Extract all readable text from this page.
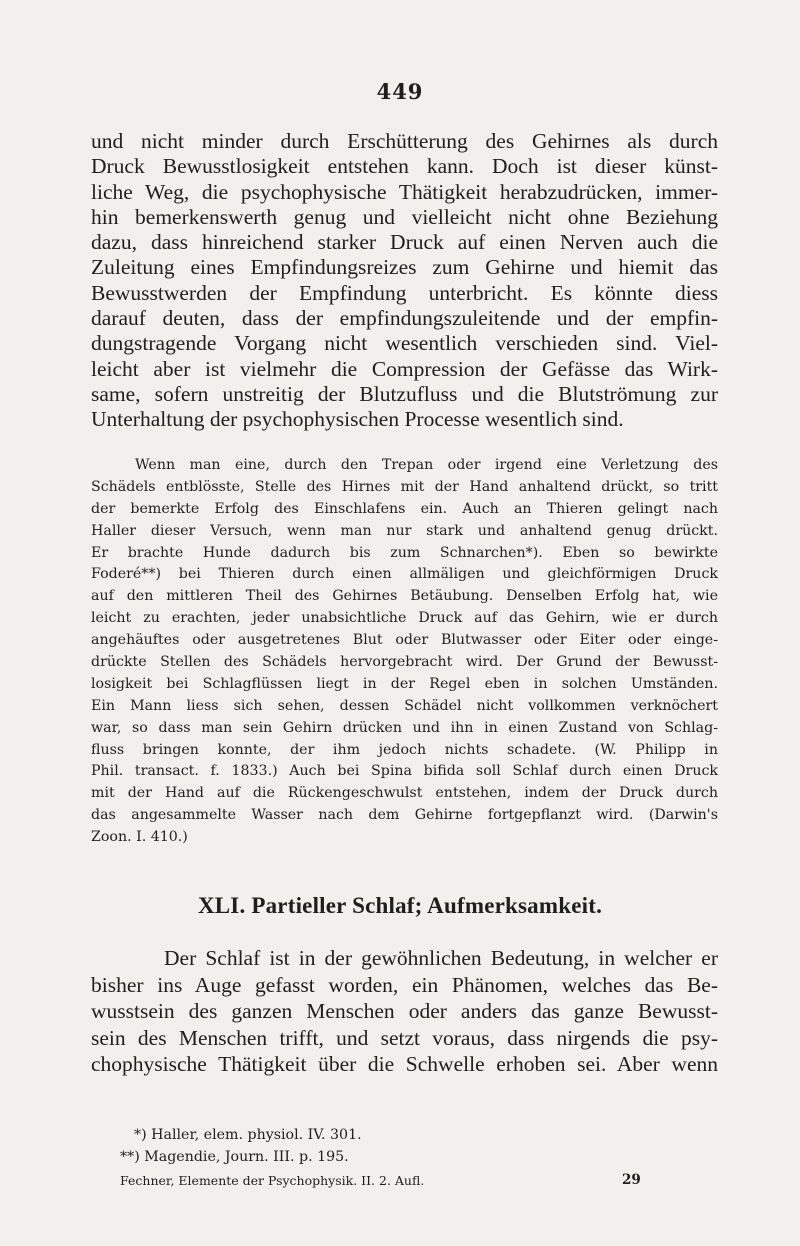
449
und nicht minder durch Erschütterung des Gehirnes als durch
Druck Bewusstlosigkeit entstehen kann. Doch ist dieser künst-
liche Weg, die psychophysische Thätigkeit herabzudrücken, immer-
hin bemerkenswerth genug und vielleicht nicht ohne Beziehung
dazu, dass hinreichend starker Druck auf einen Nerven auch die
Zuleitung eines Empfindungsreizes zum Gehirne und hiemit das
Bewusstwerden der Empfindung unterbricht. Es könnte diess
darauf deuten, dass der empfindungszuleitende und der empfin-
dungstragende Vorgang nicht wesentlich verschieden sind. Viel-
leicht aber ist vielmehr die Compression der Gefässe das Wirk-
same, sofern unstreitig der Blutzufluss und die Blutströmung zur
Unterhaltung der psychophysischen Processe wesentlich sind.
Wenn man eine, durch den Trepan oder irgend eine Verletzung des
Schädels entblösste, Stelle des Hirnes mit der Hand anhaltend drückt, so tritt
der bemerkte Erfolg des Einschlafens ein. Auch an Thieren gelingt nach
Haller dieser Versuch, wenn man nur stark und anhaltend genug drückt.
Er brachte Hunde dadurch bis zum Schnarchen*). Eben so bewirkte
Foderé**) bei Thieren durch einen allmäligen und gleichförmigen Druck
auf den mittleren Theil des Gehirnes Betäubung. Denselben Erfolg hat, wie
leicht zu erachten, jeder unabsichtliche Druck auf das Gehirn, wie er durch
angehäuftes oder ausgetretenes Blut oder Blutwasser oder Eiter oder einge-
drückte Stellen des Schädels hervorgebracht wird. Der Grund der Bewusst-
losigkeit bei Schlagflüssen liegt in der Regel eben in solchen Umständen.
Ein Mann liess sich sehen, dessen Schädel nicht vollkommen verknöchert
war, so dass man sein Gehirn drücken und ihn in einen Zustand von Schlag-
fluss bringen konnte, der ihm jedoch nichts schadete. (W. Philipp in
Phil. transact. f. 1833.) Auch bei Spina bifida soll Schlaf durch einen Druck
mit der Hand auf die Rückengeschwulst entstehen, indem der Druck durch
das angesammelte Wasser nach dem Gehirne fortgepflanzt wird. (Darwin's
Zoon. I. 410.)
XLI. Partieller Schlaf; Aufmerksamkeit.
Der Schlaf ist in der gewöhnlichen Bedeutung, in welcher er
bisher ins Auge gefasst worden, ein Phänomen, welches das Be-
wusstsein des ganzen Menschen oder anders das ganze Bewusst-
sein des Menschen trifft, und setzt voraus, dass nirgends die psy-
chophysische Thätigkeit über die Schwelle erhoben sei. Aber wenn
*) Haller, elem. physiol. IV. 301.
**) Magendie, Journ. III. p. 195.
Fechner, Elemente der Psychophysik. II. 2. Aufl.	29
